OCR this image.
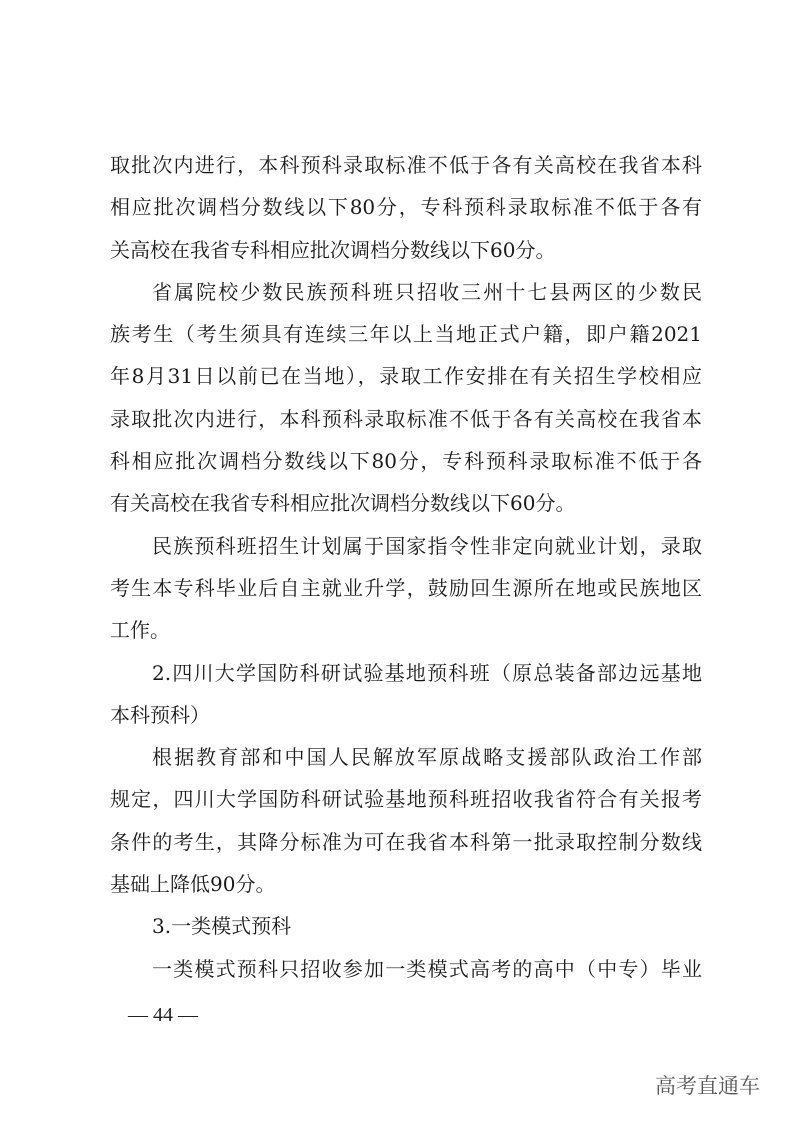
取批次内进行，本科预科录取标准不低于各有关高校在我省本科
相应批次调档分数线以下80分，专科预科录取标准不低于各有
关高校在我省专科相应批次调档分数线以下60分。
省属院校少数民族预科班只招收三州十七县两区的少数民
族考生（考生须具有连续三年以上当地正式户籍，即户籍2021
年8月31日以前已在当地），录取工作安排在有关招生学校相应
录取批次内进行，本科预科录取标准不低于各有关高校在我省本
科相应批次调档分数线以下80分，专科预科录取标准不低于各
有关高校在我省专科相应批次调档分数线以下60分。
民族预科班招生计划属于国家指令性非定向就业计划，录取
考生本专科毕业后自主就业升学，鼓励回生源所在地或民族地区
工作。
2.四川大学国防科研试验基地预科班（原总装备部边远基地
本科预科）
根据教育部和中国人民解放军原战略支援部队政治工作部
规定，四川大学国防科研试验基地预科班招收我省符合有关报考
条件的考生，其降分标准为可在我省本科第一批录取控制分数线
基础上降低90分。
3.一类模式预科
一类模式预科只招收参加一类模式高考的高中（中专）毕业
— 44 —
高考直通车
